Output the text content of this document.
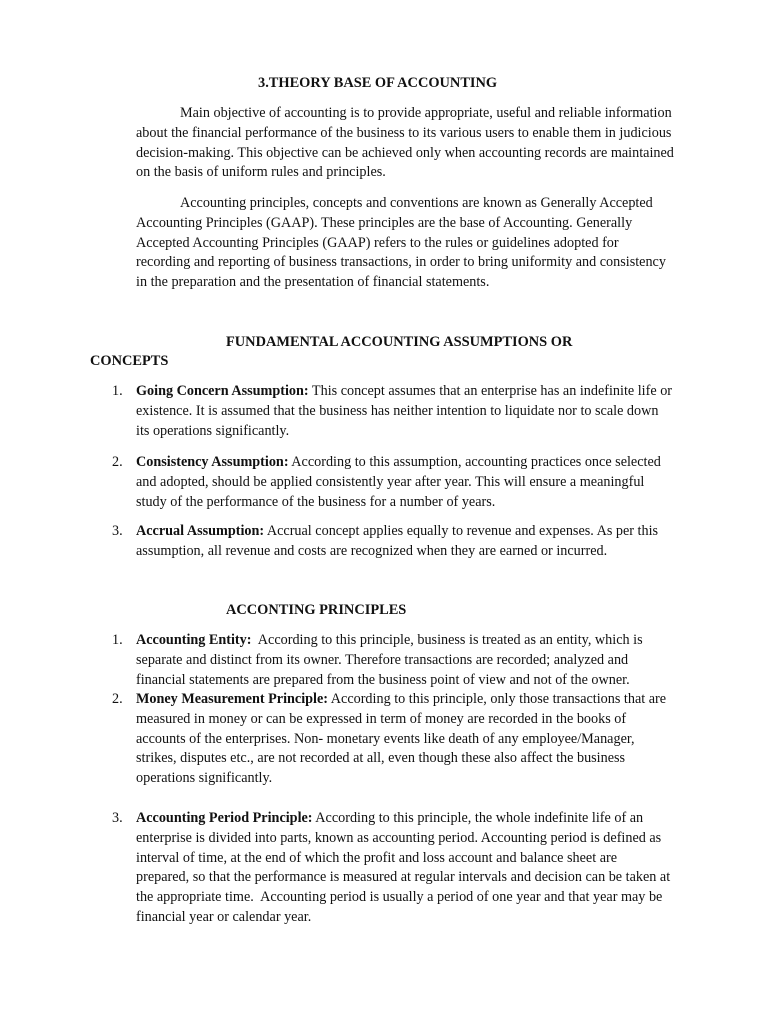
3.THEORY BASE OF ACCOUNTING
Main objective of accounting is to provide appropriate, useful and reliable information about the financial performance of the business to its various users to enable them in judicious decision-making. This objective can be achieved only when accounting records are maintained on the basis of uniform rules and principles.
Accounting principles, concepts and conventions are known as Generally Accepted Accounting Principles (GAAP). These principles are the base of Accounting. Generally Accepted Accounting Principles (GAAP) refers to the rules or guidelines adopted for recording and reporting of business transactions, in order to bring uniformity and consistency in the preparation and the presentation of financial statements.
FUNDAMENTAL ACCOUNTING ASSUMPTIONS OR
CONCEPTS
1. Going Concern Assumption: This concept assumes that an enterprise has an indefinite life or existence. It is assumed that the business has neither intention to liquidate nor to scale down its operations significantly.
2. Consistency Assumption: According to this assumption, accounting practices once selected and adopted, should be applied consistently year after year. This will ensure a meaningful study of the performance of the business for a number of years.
3. Accrual Assumption: Accrual concept applies equally to revenue and expenses. As per this assumption, all revenue and costs are recognized when they are earned or incurred.
ACCONTING PRINCIPLES
1. Accounting Entity:  According to this principle, business is treated as an entity, which is separate and distinct from its owner. Therefore transactions are recorded; analyzed and financial statements are prepared from the business point of view and not of the owner.
2. Money Measurement Principle: According to this principle, only those transactions that are measured in money or can be expressed in term of money are recorded in the books of accounts of the enterprises. Non- monetary events like death of any employee/Manager, strikes, disputes etc., are not recorded at all, even though these also affect the business operations significantly.
3. Accounting Period Principle: According to this principle, the whole indefinite life of an enterprise is divided into parts, known as accounting period. Accounting period is defined as interval of time, at the end of which the profit and loss account and balance sheet are prepared, so that the performance is measured at regular intervals and decision can be taken at the appropriate time.  Accounting period is usually a period of one year and that year may be financial year or calendar year.
